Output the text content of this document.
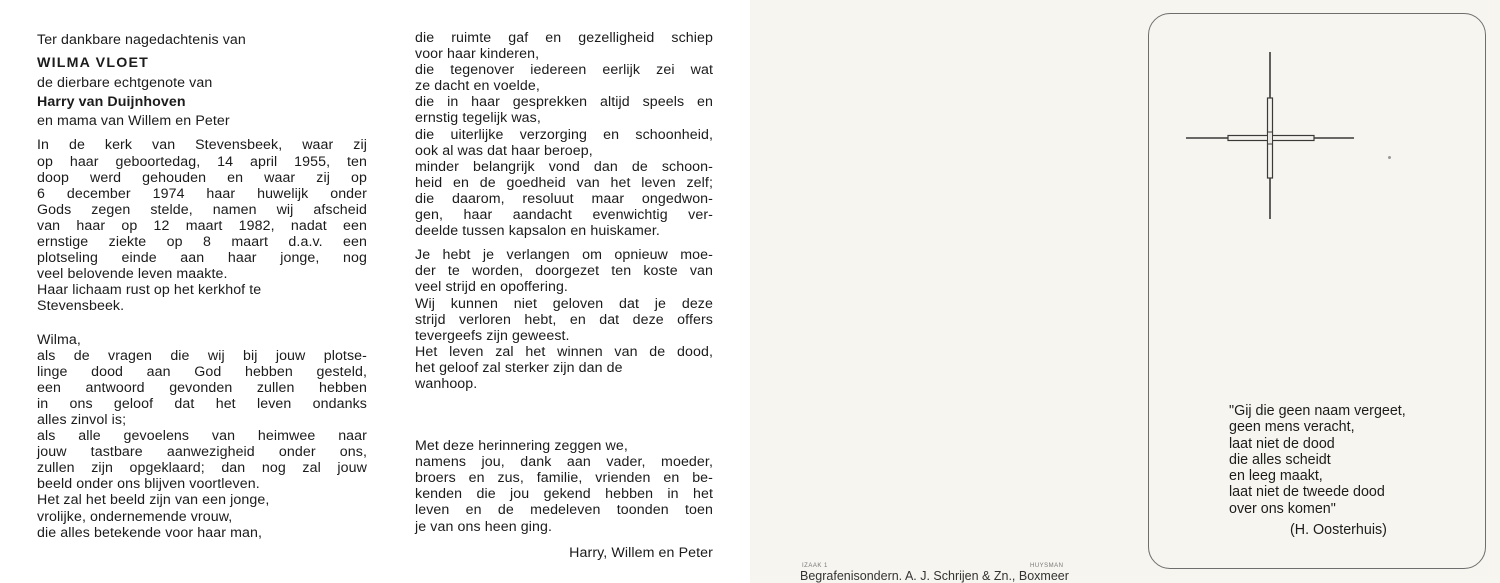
Ter dankbare nagedachtenis van
WILMA VLOET
de dierbare echtgenote van
Harry van Duijnhoven
en mama van Willem en Peter
In de kerk van Stevensbeek, waar zij
op haar geboortedag, 14 april 1955, ten
doop werd gehouden en waar zij op
6 december 1974 haar huwelijk onder
Gods zegen stelde, namen wij afscheid
van haar op 12 maart 1982, nadat een
ernstige ziekte op 8 maart d.a.v. een
plotseling einde aan haar jonge, nog
veel belovende leven maakte.
Haar lichaam rust op het kerkhof te
Stevensbeek.
Wilma,
als de vragen die wij bij jouw plotse-
linge dood aan God hebben gesteld,
een antwoord gevonden zullen hebben
in ons geloof dat het leven ondanks
alles zinvol is;
als alle gevoelens van heimwee naar
jouw tastbare aanwezigheid onder ons,
zullen zijn opgeklaard; dan nog zal jouw
beeld onder ons blijven voortleven.
Het zal het beeld zijn van een jonge,
vrolijke, ondernemende vrouw,
die alles betekende voor haar man,
die ruimte gaf en gezelligheid schiep
voor haar kinderen,
die tegenover iedereen eerlijk zei wat
ze dacht en voelde,
die in haar gesprekken altijd speels en
ernstig tegelijk was,
die uiterlijke verzorging en schoonheid,
ook al was dat haar beroep,
minder belangrijk vond dan de schoon-
heid en de goedheid van het leven zelf;
die daarom, resoluut maar ongedwon-
gen, haar aandacht evenwichtig ver-
deelde tussen kapsalon en huiskamer.
Je hebt je verlangen om opnieuw moe-
der te worden, doorgezet ten koste van
veel strijd en opoffering.
Wij kunnen niet geloven dat je deze
strijd verloren hebt, en dat deze offers
tevergeefs zijn geweest.
Het leven zal het winnen van de dood,
het geloof zal sterker zijn dan de
wanhoop.
Met deze herinnering zeggen we,
namens jou, dank aan vader, moeder,
broers en zus, familie, vrienden en be-
kenden die jou gekend hebben in het
leven en de medeleven toonden toen
je van ons heen ging.
Harry, Willem en Peter
"Gij die geen naam vergeet,
geen mens veracht,
laat niet de dood
die alles scheidt
en leeg maakt,
laat niet de tweede dood
over ons komen"
(H. Oosterhuis)
IZAAK 1	HUYSMAN
Begrafenisondern. A. J. Schrijen & Zn., Boxmeer
